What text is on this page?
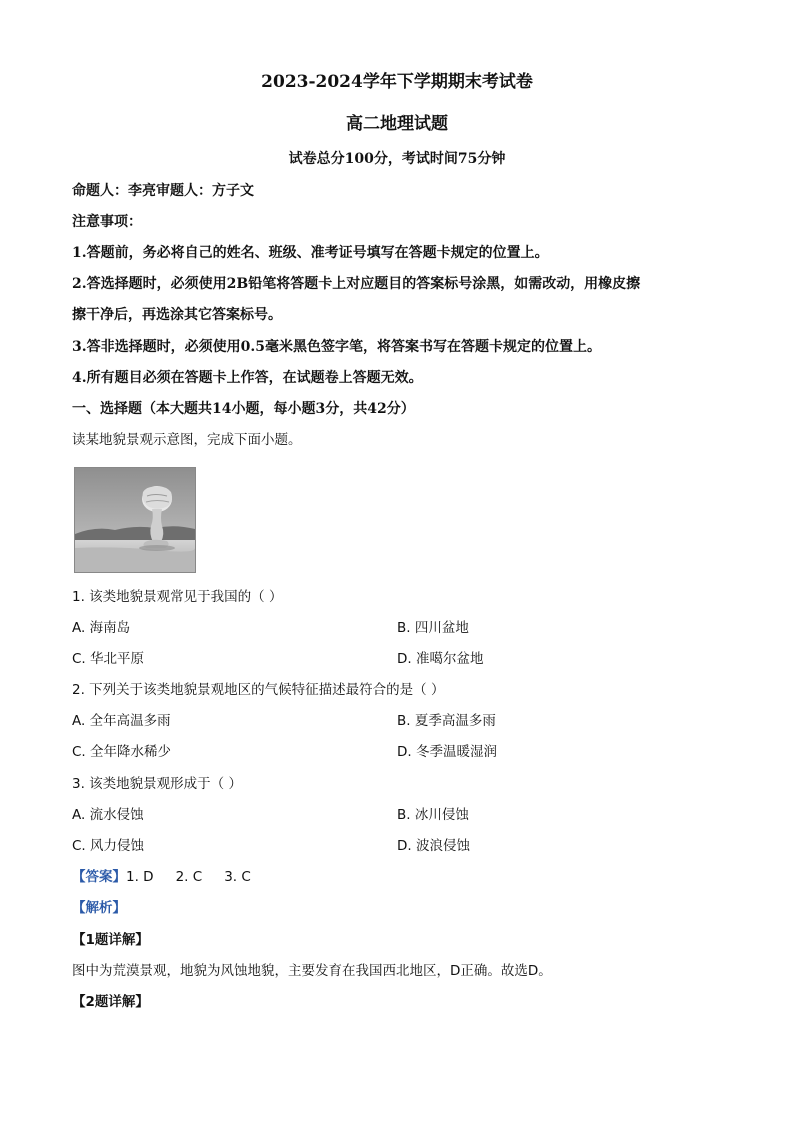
2023-2024学年下学期期末考试卷
高二地理试题
试卷总分100分，考试时间75分钟
命题人：李亮审题人：方子文
注意事项：
1.答题前，务必将自己的姓名、班级、准考证号填写在答题卡规定的位置上。
2.答选择题时，必须使用2B铅笔将答题卡上对应题目的答案标号涂黑，如需改动，用橡皮擦
擦干净后，再选涂其它答案标号。
3.答非选择题时，必须使用0.5毫米黑色签字笔，将答案书写在答题卡规定的位置上。
4.所有题目必须在答题卡上作答，在试题卷上答题无效。
一、选择题（本大题共14小题，每小题3分，共42分）
读某地貌景观示意图，完成下面小题。
1. 该类地貌景观常见于我国的（ ）
A. 海南岛	B. 四川盆地
C. 华北平原	D. 准噶尔盆地
2. 下列关于该类地貌景观地区的气候特征描述最符合的是（ ）
A. 全年高温多雨	B. 夏季高温多雨
C. 全年降水稀少	D. 冬季温暖湿润
3. 该类地貌景观形成于（ ）
A. 流水侵蚀	B. 冰川侵蚀
C. 风力侵蚀	D. 波浪侵蚀
【答案】1. D 2. C 3. C
【解析】
【1题详解】
图中为荒漠景观，地貌为风蚀地貌，主要发育在我国西北地区，D正确。故选D。
【2题详解】
